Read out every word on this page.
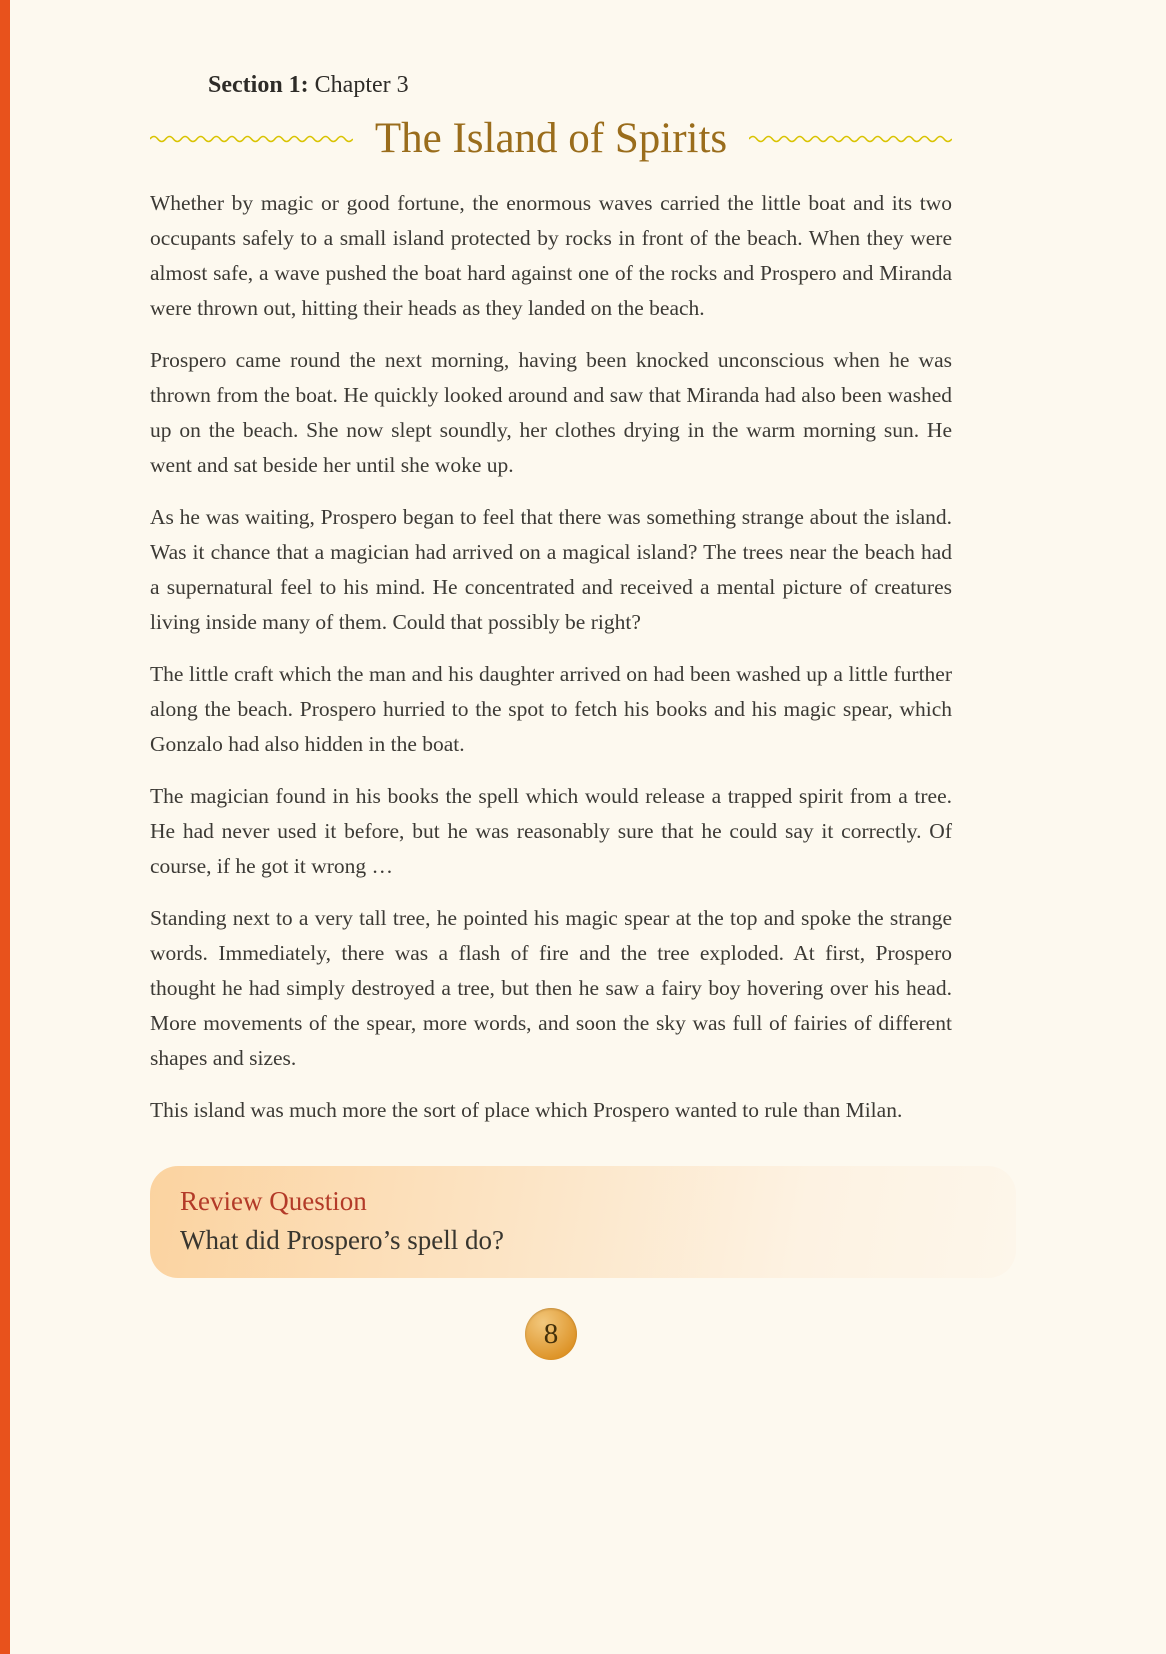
Section 1: Chapter 3
The Island of Spirits

Whether by magic or good fortune, the enormous waves carried the little boat and its two occupants safely to a small island protected by rocks in front of the beach. When they were almost safe, a wave pushed the boat hard against one of the rocks and Prospero and Miranda were thrown out, hitting their heads as they landed on the beach.

Prospero came round the next morning, having been knocked unconscious when he was thrown from the boat. He quickly looked around and saw that Miranda had also been washed up on the beach. She now slept soundly, her clothes drying in the warm morning sun. He went and sat beside her until she woke up.

As he was waiting, Prospero began to feel that there was something strange about the island. Was it chance that a magician had arrived on a magical island? The trees near the beach had a supernatural feel to his mind. He concentrated and received a mental picture of creatures living inside many of them. Could that possibly be right?

The little craft which the man and his daughter arrived on had been washed up a little further along the beach. Prospero hurried to the spot to fetch his books and his magic spear, which Gonzalo had also hidden in the boat.

The magician found in his books the spell which would release a trapped spirit from a tree. He had never used it before, but he was reasonably sure that he could say it correctly. Of course, if he got it wrong …

Standing next to a very tall tree, he pointed his magic spear at the top and spoke the strange words. Immediately, there was a flash of fire and the tree exploded. At first, Prospero thought he had simply destroyed a tree, but then he saw a fairy boy hovering over his head. More movements of the spear, more words, and soon the sky was full of fairies of different shapes and sizes.

This island was much more the sort of place which Prospero wanted to rule than Milan.

Review Question

What did Prospero’s spell do?

8
